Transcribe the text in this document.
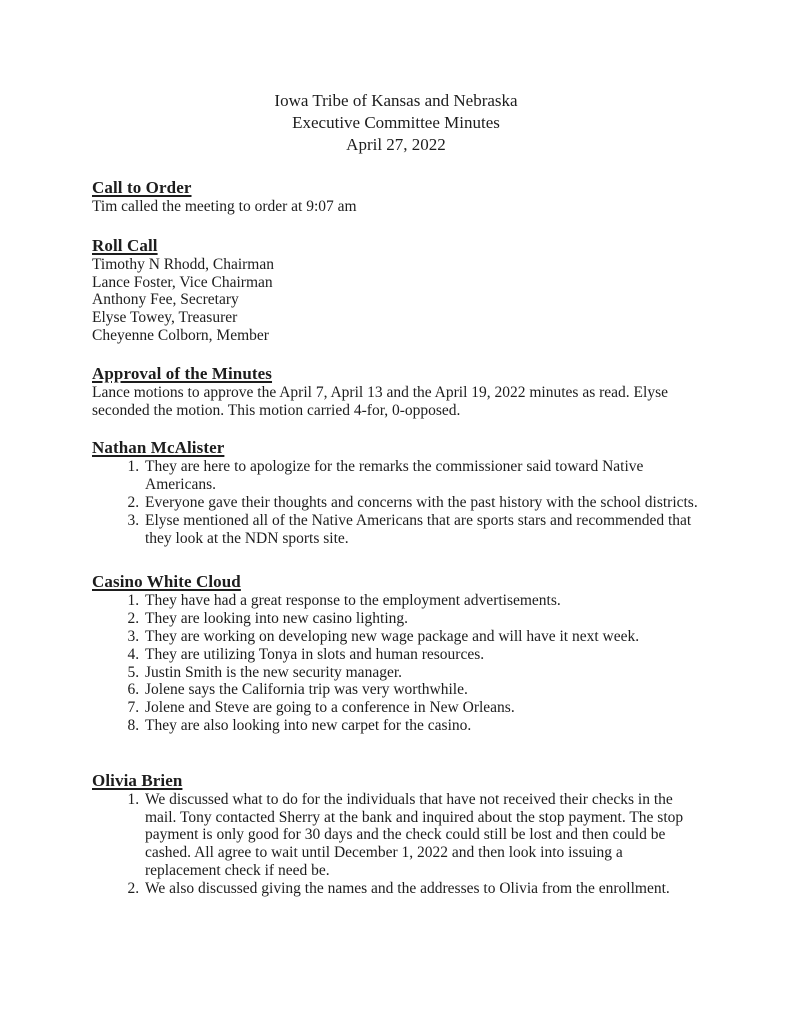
Iowa Tribe of Kansas and Nebraska
Executive Committee Minutes
April 27, 2022
Call to Order

Tim called the meeting to order at 9:07 am

Roll Call
Timothy N Rhodd, Chairman
Lance Foster, Vice Chairman
Anthony Fee, Secretary
Elyse Towey, Treasurer
Cheyenne Colborn, Member
Approval of the Minutes

Lance motions to approve the April 7, April 13 and the April 19, 2022 minutes as read. Elyse seconded the motion. This motion carried 4-for, 0-opposed.

Nathan McAlister
1. They are here to apologize for the remarks the commissioner said toward Native Americans.
2. Everyone gave their thoughts and concerns with the past history with the school districts.
3. Elyse mentioned all of the Native Americans that are sports stars and recommended that they look at the NDN sports site.
Casino White Cloud
1. They have had a great response to the employment advertisements.
2. They are looking into new casino lighting.
3. They are working on developing new wage package and will have it next week.
4. They are utilizing Tonya in slots and human resources.
5. Justin Smith is the new security manager.
6. Jolene says the California trip was very worthwhile.
7. Jolene and Steve are going to a conference in New Orleans.
8. They are also looking into new carpet for the casino.
Olivia Brien
1. We discussed what to do for the individuals that have not received their checks in the mail. Tony contacted Sherry at the bank and inquired about the stop payment. The stop payment is only good for 30 days and the check could still be lost and then could be cashed. All agree to wait until December 1, 2022 and then look into issuing a replacement check if need be.
2. We also discussed giving the names and the addresses to Olivia from the enrollment.
